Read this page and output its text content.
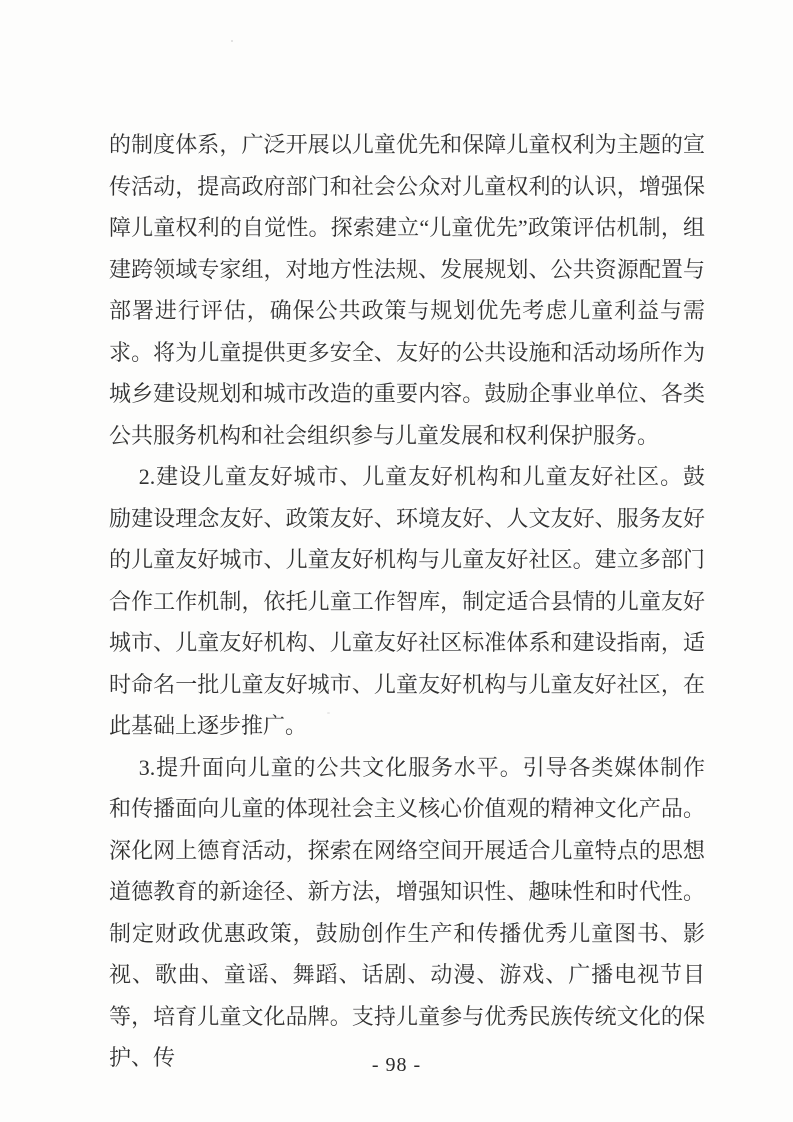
的制度体系，广泛开展以儿童优先和保障儿童权利为主题的宣传活动，提高政府部门和社会公众对儿童权利的认识，增强保障儿童权利的自觉性。探索建立“儿童优先”政策评估机制，组建跨领域专家组，对地方性法规、发展规划、公共资源配置与部署进行评估，确保公共政策与规划优先考虑儿童利益与需求。将为儿童提供更多安全、友好的公共设施和活动场所作为城乡建设规划和城市改造的重要内容。鼓励企事业单位、各类公共服务机构和社会组织参与儿童发展和权利保护服务。

2.建设儿童友好城市、儿童友好机构和儿童友好社区。鼓励建设理念友好、政策友好、环境友好、人文友好、服务友好的儿童友好城市、儿童友好机构与儿童友好社区。建立多部门合作工作机制，依托儿童工作智库，制定适合县情的儿童友好城市、儿童友好机构、儿童友好社区标准体系和建设指南，适时命名一批儿童友好城市、儿童友好机构与儿童友好社区，在此基础上逐步推广。

3.提升面向儿童的公共文化服务水平。引导各类媒体制作和传播面向儿童的体现社会主义核心价值观的精神文化产品。深化网上德育活动，探索在网络空间开展适合儿童特点的思想道德教育的新途径、新方法，增强知识性、趣味性和时代性。制定财政优惠政策，鼓励创作生产和传播优秀儿童图书、影视、歌曲、童谣、舞蹈、话剧、动漫、游戏、广播电视节目等，培育儿童文化品牌。支持儿童参与优秀民族传统文化的保护、传	- 98 -
